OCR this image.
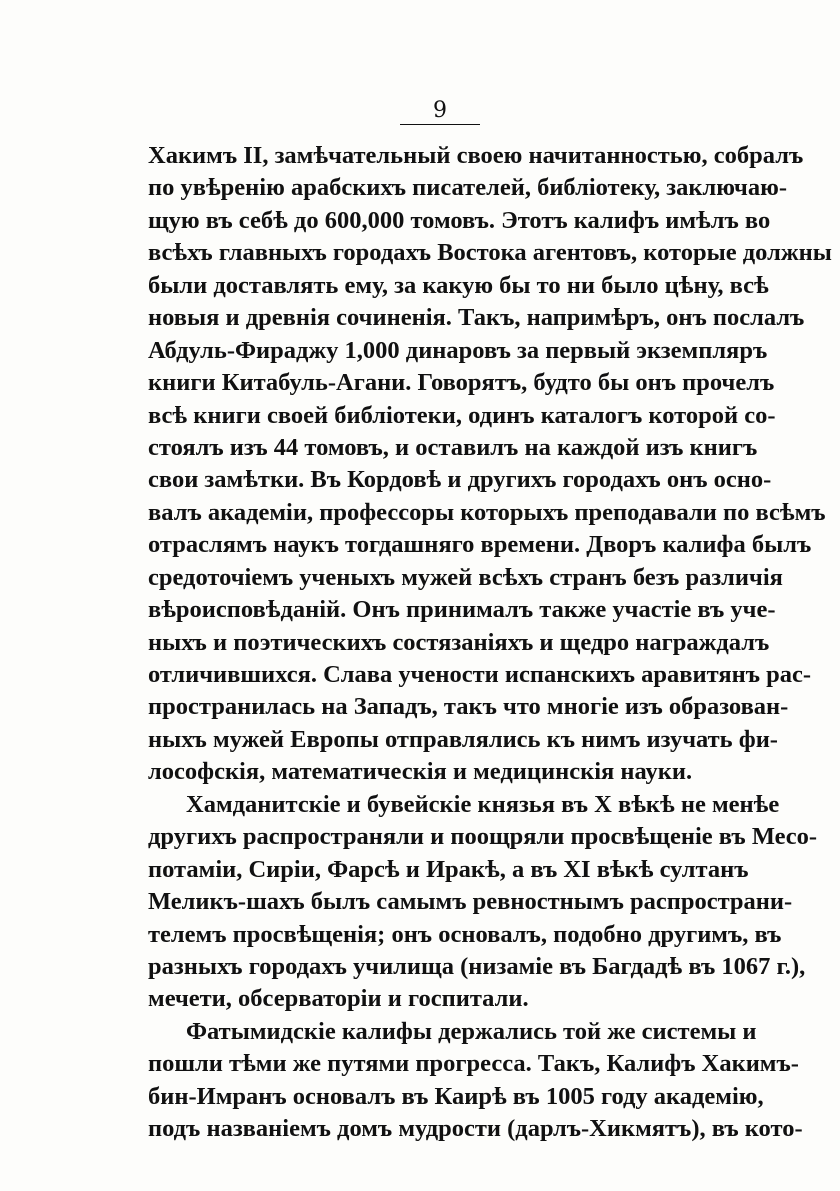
9
Хакимъ II, замѣчательный своею начитанностью, собралъ
по увѣренію арабскихъ писателей, библіотеку, заключаю-
щую въ себѣ до 600,000 томовъ. Этотъ калифъ имѣлъ во
всѣхъ главныхъ городахъ Востока агентовъ, которые должны
были доставлять ему, за какую бы то ни было цѣну, всѣ
новыя и древнія сочиненія. Такъ, напримѣръ, онъ послалъ
Абдуль-Фираджу 1,000 динаровъ за первый экземпляръ
книги Китабуль-Агани. Говорятъ, будто бы онъ прочелъ
всѣ книги своей библіотеки, одинъ каталогъ которой со-
стоялъ изъ 44 томовъ, и оставилъ на каждой изъ книгъ
свои замѣтки. Въ Кордовѣ и другихъ городахъ онъ осно-
валъ академіи, профессоры которыхъ преподавали по всѣмъ
отраслямъ наукъ тогдашняго времени. Дворъ калифа былъ
средоточіемъ ученыхъ мужей всѣхъ странъ безъ различія
вѣроисповѣданій. Онъ принималъ также участіе въ уче-
ныхъ и поэтическихъ состязаніяхъ и щедро награждалъ
отличившихся. Слава учености испанскихъ аравитянъ рас-
пространилась на Западъ, такъ что многіе изъ образован-
ныхъ мужей Европы отправлялись къ нимъ изучать фи-
лософскія, математическія и медицинскія науки.
Хамданитскіе и бувейскіе князья въ X вѣкѣ не менѣе
другихъ распространяли и поощряли просвѣщеніе въ Месо-
потаміи, Сиріи, Фарсѣ и Иракѣ, а въ XI вѣкѣ султанъ
Меликъ-шахъ былъ самымъ ревностнымъ распространи-
телемъ просвѣщенія; онъ основалъ, подобно другимъ, въ
разныхъ городахъ училища (низаміе въ Багдадѣ въ 1067 г.),
мечети, обсерваторіи и госпитали.
Фатымидскіе калифы держались той же системы и
пошли тѣми же путями прогресса. Такъ, Калифъ Хакимъ-
бин-Имранъ основалъ въ Каирѣ въ 1005 году академію,
подъ названіемъ домъ мудрости (дарлъ-Хикмятъ), въ кото-
